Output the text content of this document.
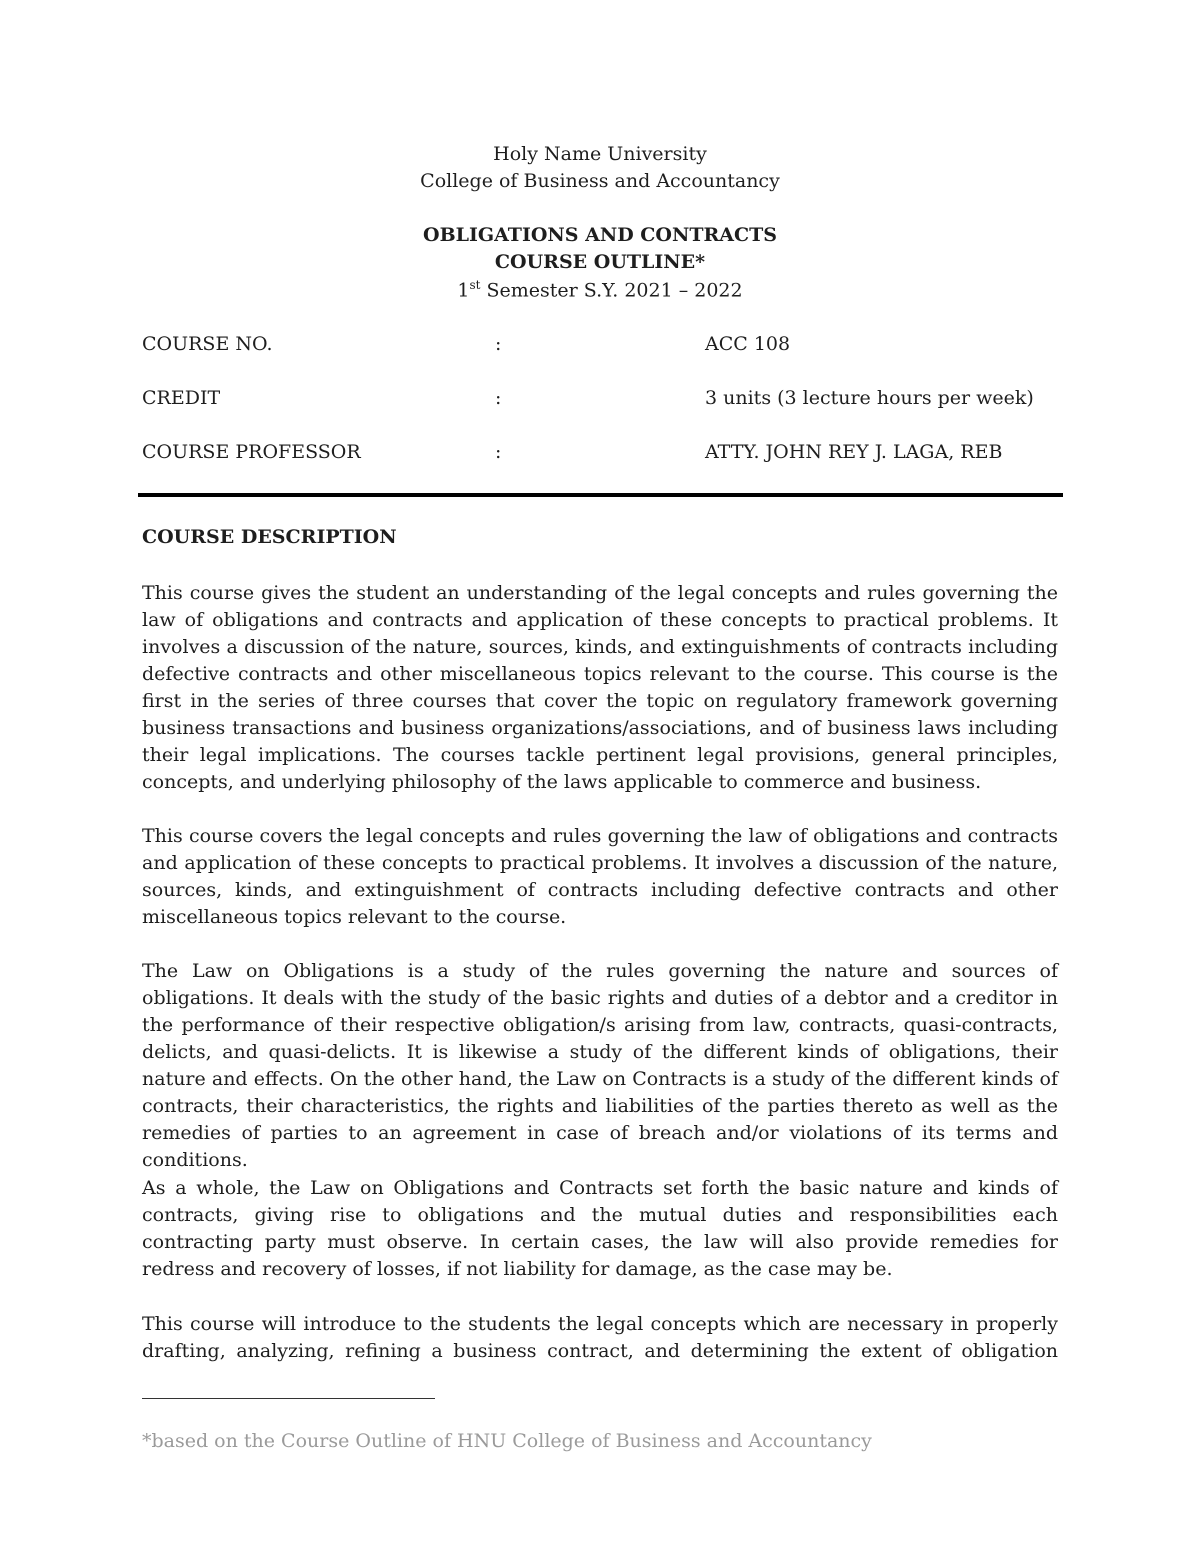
Holy Name University
College of Business and Accountancy
OBLIGATIONS AND CONTRACTS
COURSE OUTLINE*
1st Semester S.Y. 2021 – 2022
COURSE NO.	:	ACC 108
CREDIT	:	3 units (3 lecture hours per week)
COURSE PROFESSOR	:	ATTY. JOHN REY J. LAGA, REB
COURSE DESCRIPTION

This course gives the student an understanding of the legal concepts and rules governing the law of obligations and contracts and application of these concepts to practical problems. It involves a discussion of the nature, sources, kinds, and extinguishments of contracts including defective contracts and other miscellaneous topics relevant to the course. This course is the first in the series of three courses that cover the topic on regulatory framework governing business transactions and business organizations/associations, and of business laws including their legal implications. The courses tackle pertinent legal provisions, general principles, concepts, and underlying philosophy of the laws applicable to commerce and business.

This course covers the legal concepts and rules governing the law of obligations and contracts and application of these concepts to practical problems. It involves a discussion of the nature, sources, kinds, and extinguishment of contracts including defective contracts and other miscellaneous topics relevant to the course.

The Law on Obligations is a study of the rules governing the nature and sources of obligations. It deals with the study of the basic rights and duties of a debtor and a creditor in the performance of their respective obligation/s arising from law, contracts, quasi-contracts, delicts, and quasi-delicts. It is likewise a study of the different kinds of obligations, their nature and effects. On the other hand, the Law on Contracts is a study of the different kinds of contracts, their characteristics, the rights and liabilities of the parties thereto as well as the remedies of parties to an agreement in case of breach and/or violations of its terms and conditions.

As a whole, the Law on Obligations and Contracts set forth the basic nature and kinds of contracts, giving rise to obligations and the mutual duties and responsibilities each contracting party must observe. In certain cases, the law will also provide remedies for redress and recovery of losses, if not liability for damage, as the case may be.

This course will introduce to the students the legal concepts which are necessary in properly drafting, analyzing, refining a business contract, and determining the extent of obligation

*based on the Course Outline of HNU College of Business and Accountancy
